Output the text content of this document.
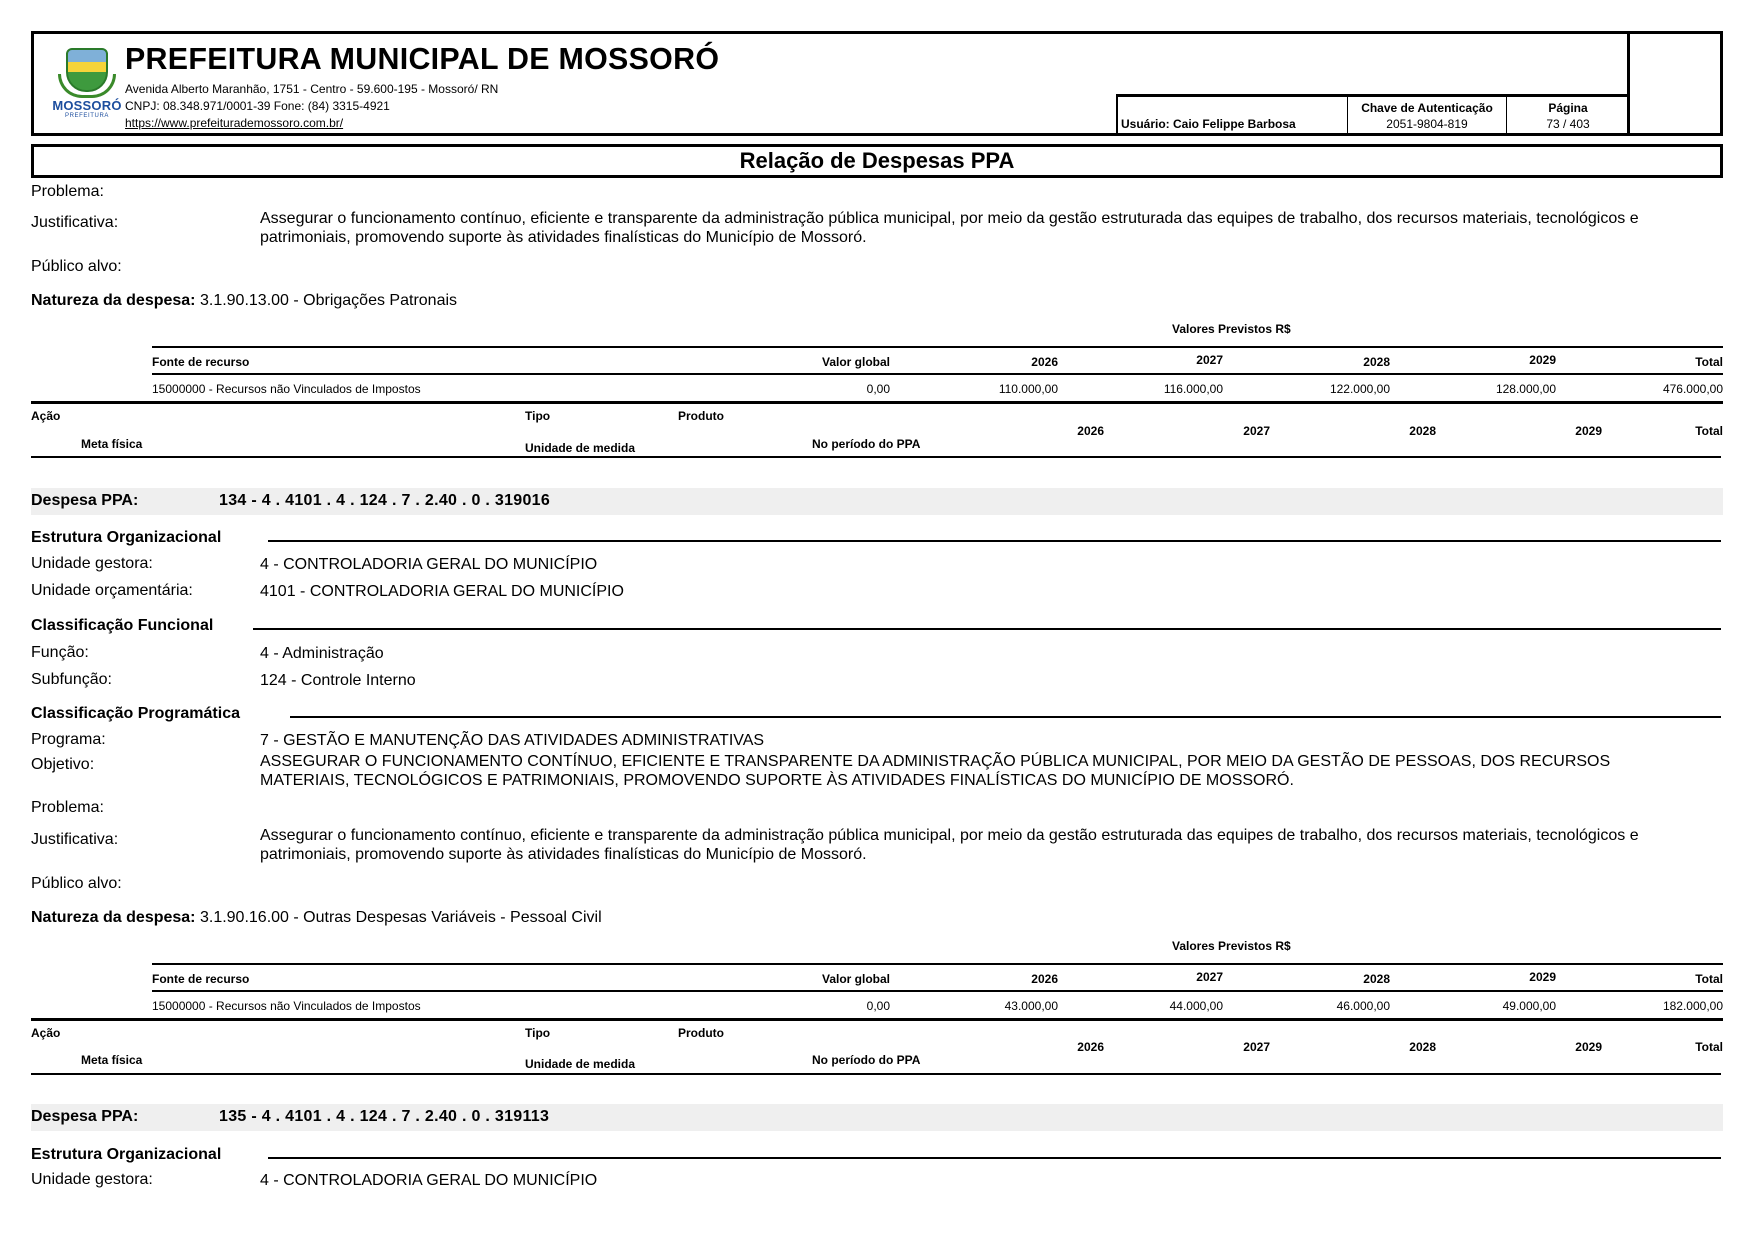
MOSSORÓ
PREFEITURA
PREFEITURA MUNICIPAL DE MOSSORÓ
Avenida Alberto Maranhão, 1751 - Centro - 59.600-195 - Mossoró/ RN
CNPJ: 08.348.971/0001-39 Fone: (84) 3315-4921
https://www.prefeiturademossoro.com.br/	Usuário: Caio Felippe Barbosa
Chave de Autenticação
2051-9804-819
Página
73 / 403
Relação de Despesas PPA
Problema:
Justificativa:	Assegurar o funcionamento contínuo, eficiente e transparente da administração pública municipal, por meio da gestão estruturada das equipes de trabalho, dos recursos materiais, tecnológicos e patrimoniais, promovendo suporte às atividades finalísticas do Município de Mossoró.
Público alvo:
Natureza da despesa: 3.1.90.13.00 - Obrigações Patronais
Valores Previstos R$
Fonte de recurso	Valor global	2026	2027	2028	2029	Total
15000000 - Recursos não Vinculados de Impostos	0,00	110.000,00	116.000,00	122.000,00	128.000,00	476.000,00
Ação	Tipo	Produto
Meta física	Unidade de medida	No período do PPA
2026	2027	2028	2029	Total
Despesa PPA:	134 - 4 . 4101 . 4 . 124 . 7 . 2.40 . 0 . 319016
Estrutura Organizacional
Unidade gestora:	4 - CONTROLADORIA GERAL DO MUNICÍPIO
Unidade orçamentária:	4101 - CONTROLADORIA GERAL DO MUNICÍPIO
Classificação Funcional
Função:	4 - Administração
Subfunção:	124 - Controle Interno
Classificação Programática
Programa:	7 - GESTÃO E MANUTENÇÃO DAS ATIVIDADES ADMINISTRATIVAS
Objetivo:	ASSEGURAR O FUNCIONAMENTO CONTÍNUO, EFICIENTE E TRANSPARENTE DA ADMINISTRAÇÃO PÚBLICA MUNICIPAL, POR MEIO DA GESTÃO DE PESSOAS, DOS RECURSOS MATERIAIS, TECNOLÓGICOS E PATRIMONIAIS, PROMOVENDO SUPORTE ÀS ATIVIDADES FINALÍSTICAS DO MUNICÍPIO DE MOSSORÓ.
Problema:
Justificativa:	Assegurar o funcionamento contínuo, eficiente e transparente da administração pública municipal, por meio da gestão estruturada das equipes de trabalho, dos recursos materiais, tecnológicos e patrimoniais, promovendo suporte às atividades finalísticas do Município de Mossoró.
Público alvo:
Natureza da despesa: 3.1.90.16.00 - Outras Despesas Variáveis - Pessoal Civil
Valores Previstos R$
Fonte de recurso	Valor global	2026	2027	2028	2029	Total
15000000 - Recursos não Vinculados de Impostos	0,00	43.000,00	44.000,00	46.000,00	49.000,00	182.000,00
Ação	Tipo	Produto
Meta física	Unidade de medida	No período do PPA
2026	2027	2028	2029	Total
Despesa PPA:	135 - 4 . 4101 . 4 . 124 . 7 . 2.40 . 0 . 319113
Estrutura Organizacional
Unidade gestora:	4 - CONTROLADORIA GERAL DO MUNICÍPIO
